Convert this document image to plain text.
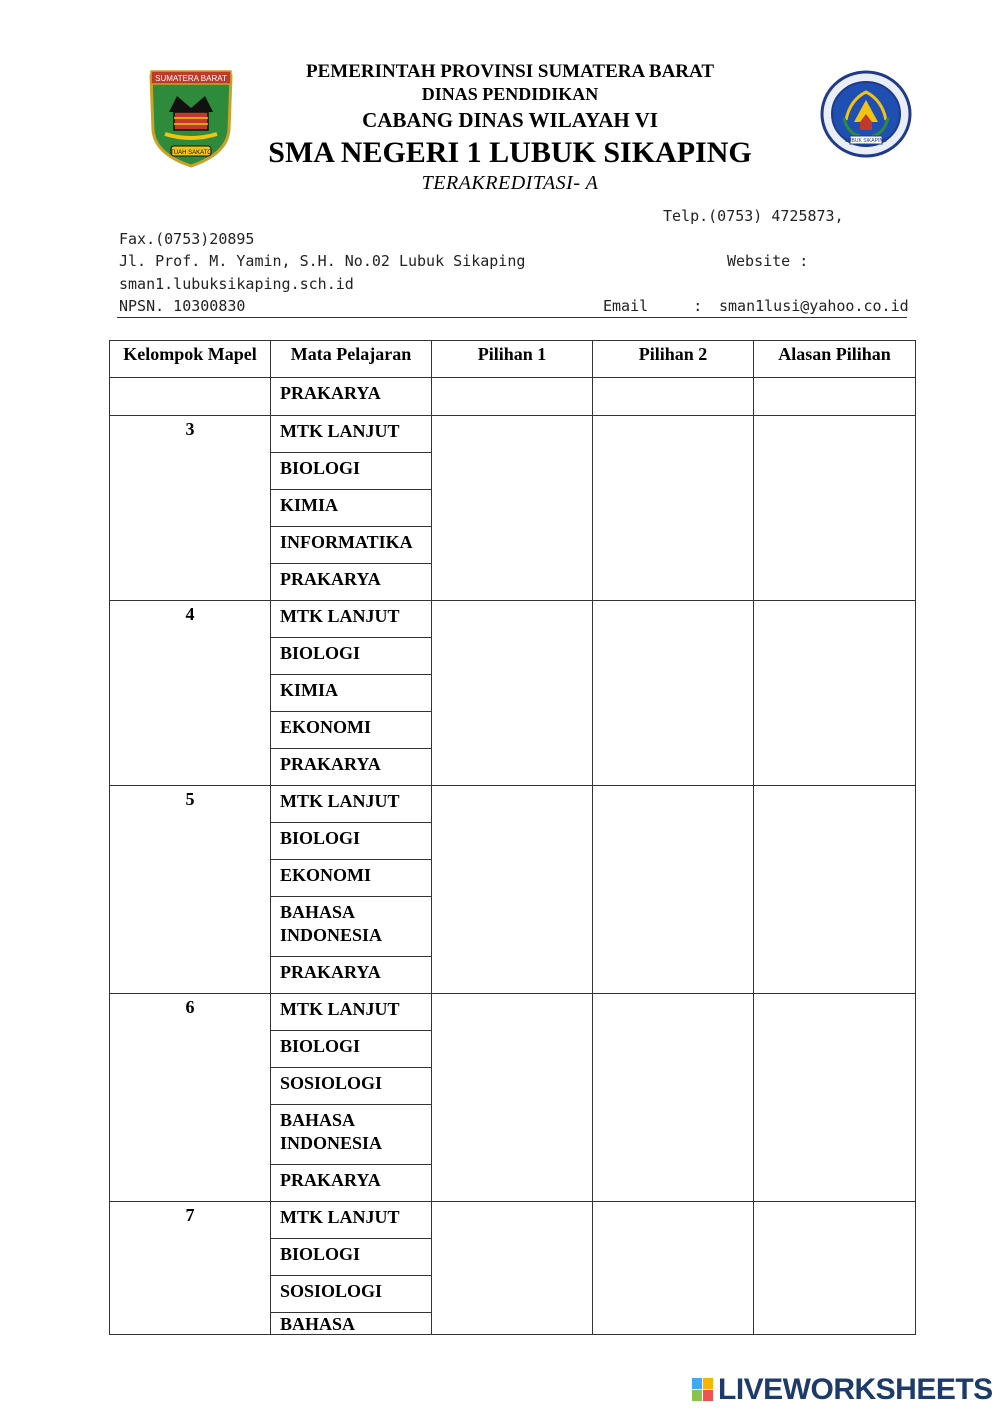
SUMATERA BARAT
TUAH SAKATO
LUBUK SIKAPING
PEMERINTAH PROVINSI SUMATERA BARAT
DINAS PENDIDIKAN
CABANG DINAS WILAYAH VI
SMA NEGERI 1 LUBUK SIKAPING
TERAKREDITASI- A
Telp.(0753) 4725873,
Fax.(0753)20895
Jl. Prof. M. Yamin, S.H. No.02 Lubuk Sikaping	Website :
sman1.lubuksikaping.sch.id
NPSN. 10300830	Email     : sman1lusi@yahoo.co.id
Kelompok Mapel	Mata Pelajaran	Pilihan 1	Pilihan 2	Alasan Pilihan
	PRAKARYA			
3	MTK LANJUT			
	BIOLOGI			
	KIMIA			
	INFORMATIKA			
	PRAKARYA			
4	MTK LANJUT			
	BIOLOGI			
	KIMIA			
	EKONOMI			
	PRAKARYA			
5	MTK LANJUT			
	BIOLOGI			
	EKONOMI			
	BAHASA INDONESIA			
	PRAKARYA			
6	MTK LANJUT			
	BIOLOGI			
	SOSIOLOGI			
	BAHASA INDONESIA			
	PRAKARYA			
7	MTK LANJUT			
	BIOLOGI			
	SOSIOLOGI			
	BAHASA			
LIVEWORKSHEETS
